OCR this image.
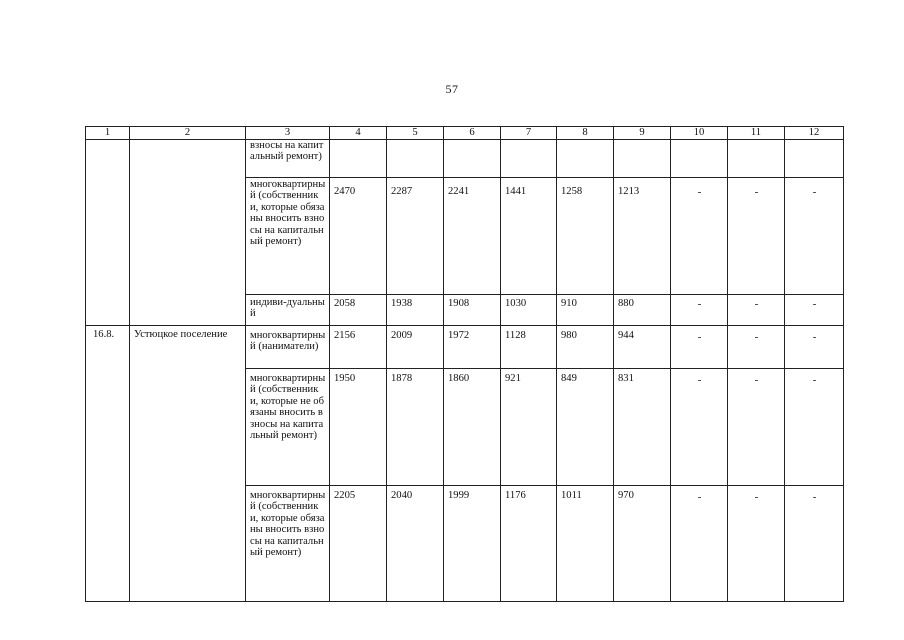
57
1	2	3	4	5	6	7	8	9	10	11	12
		взносы на капитальный ремонт)									
		многоквартирный (собственники, которые обязаны вносить взносы на капитальный ремонт)	2470	2287	2241	1441	1258	1213	-	-	-
		индиви-дуальный	2058	1938	1908	1030	910	880	-	-	-
16.8.	Устюцкое поселение	многоквартирный (наниматели)	2156	2009	1972	1128	980	944	-	-	-
		многоквартирный (собственники, которые не обязаны вносить взносы на капитальный ремонт)	1950	1878	1860	921	849	831	-	-	-
		многоквартирный (собственники, которые обязаны вносить взносы на капитальный ремонт)	2205	2040	1999	1176	1011	970	-	-	-
